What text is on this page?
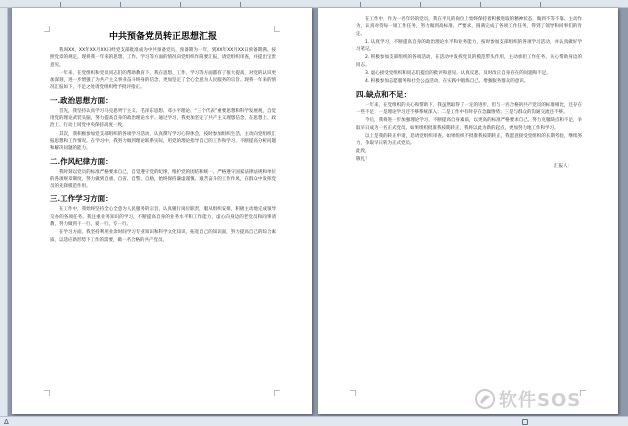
中共预备党员转正思想汇报

我叫XX，XX年XX月XX日经党支部批准成为中共预备党员，预备期为一年，到XX年XX月XX日预备期满。按照党章的规定，现将我一年来的思想、工作、学习等方面的情况向党组织作简要汇报，请党组织审查，并提出宝贵意见。

一年来，在党组织和党员同志们的帮助教育下，我在思想、工作、学习等方面都有了很大提高，对党的认识更加深刻，进一步增强了为共产主义事业奋斗终身的信念，更加坚定了全心全意为人民服务的宗旨。现将一年来的情况汇报如下，不足之处请党组织给予批评指正。

一.政治思想方面：

首先，我坚持认真学习马克思列宁主义、毛泽东思想、邓小平理论、“三个代表”重要思想和科学发展观，自觉用党的理论武装头脑，努力提高自身的政治理论水平。通过学习，我更加坚定了共产主义理想信念，在思想上、政治上、行动上同党中央保持高度一致。

其次，我积极参加党支部组织的各项学习活动，认真撰写学习心得体会，按时参加组织生活，主动向党组织汇报思想和工作情况。在学习中，我努力做到理论联系实际，用党的理论指导自己的工作和学习，不断提高分析问题和解决问题的能力。

二.作风纪律方面：

我时刻以党员的标准严格要求自己，自觉遵守党的纪律，维护党的团结和统一，严格遵守国家法律法规和单位的各项规章制度，努力做到自重、自省、自警、自励，始终保持谦虚谨慎、艰苦奋斗的工作作风，在群众中发挥党员的先锋模范作用。

三.工作学习方面：

在工作中，我始终坚持全心全意为人民服务的宗旨，认真履行岗位职责，服从组织安排，积极主动地完成领导交办的各项任务。我注重业务知识的学习，不断提高自身的业务水平和工作能力，虚心向身边的老党员和同事请教，努力做到干一行、爱一行、专一行。

在学习方面，我坚持利用业余时间学习专业知识和科学文化知识，拓宽自己的知识面，努力提高自己的综合素质，以适应新形势下工作的需要，做一名合格的共产党员。

在工作中，作为一名年轻的党员，我在平凡的岗位上始终保持着积极进取的精神状态，做到不等不靠、主动作为，认真对待每一项工作任务，努力做到高标准、严要求，圆满完成了各项工作任务，得到了领导和同事们的肯定。

1. 认真学习，不断提高自身的政治理论水平和业务能力，按时参加支部组织的各项学习活动，并认真做好学习笔记。

2. 积极参加支部组织的各项活动，在活动中发挥党员的模范带头作用，主动承担工作任务，关心帮助身边的同志。

3. 虚心接受党组织和同志们提出的批评和意见，认真反思，及时改正自身存在的问题和不足。

4. 积极参加志愿服务和社会公益活动，在实践中锻炼自己，增强服务群众的意识。

四.缺点和不足：

一年来，在党组织的关心和帮助下，我虽然取得了一定的进步，但与一名合格的共产党员的标准相比，还存在一些不足：一是理论学习还不够系统深入；二是工作中有时存在急躁情绪；三是与群众的沟通交流还不够。

今后，我将进一步加强理论学习，不断提高自身素质，以更高的标准严格要求自己，努力克服缺点和不足，争取早日成为一名正式党员。如果组织批准我按期转正，我将以此为新的起点，更加努力地工作和学习。

以上是我的转正申请，恳请党组织审查。如果组织不批准我按期转正，我愿意接受党组织的长期考验，继续努力，争取早日转为正式党员。

此致，
敬礼！
汇报人：
Δ
软件SOS
